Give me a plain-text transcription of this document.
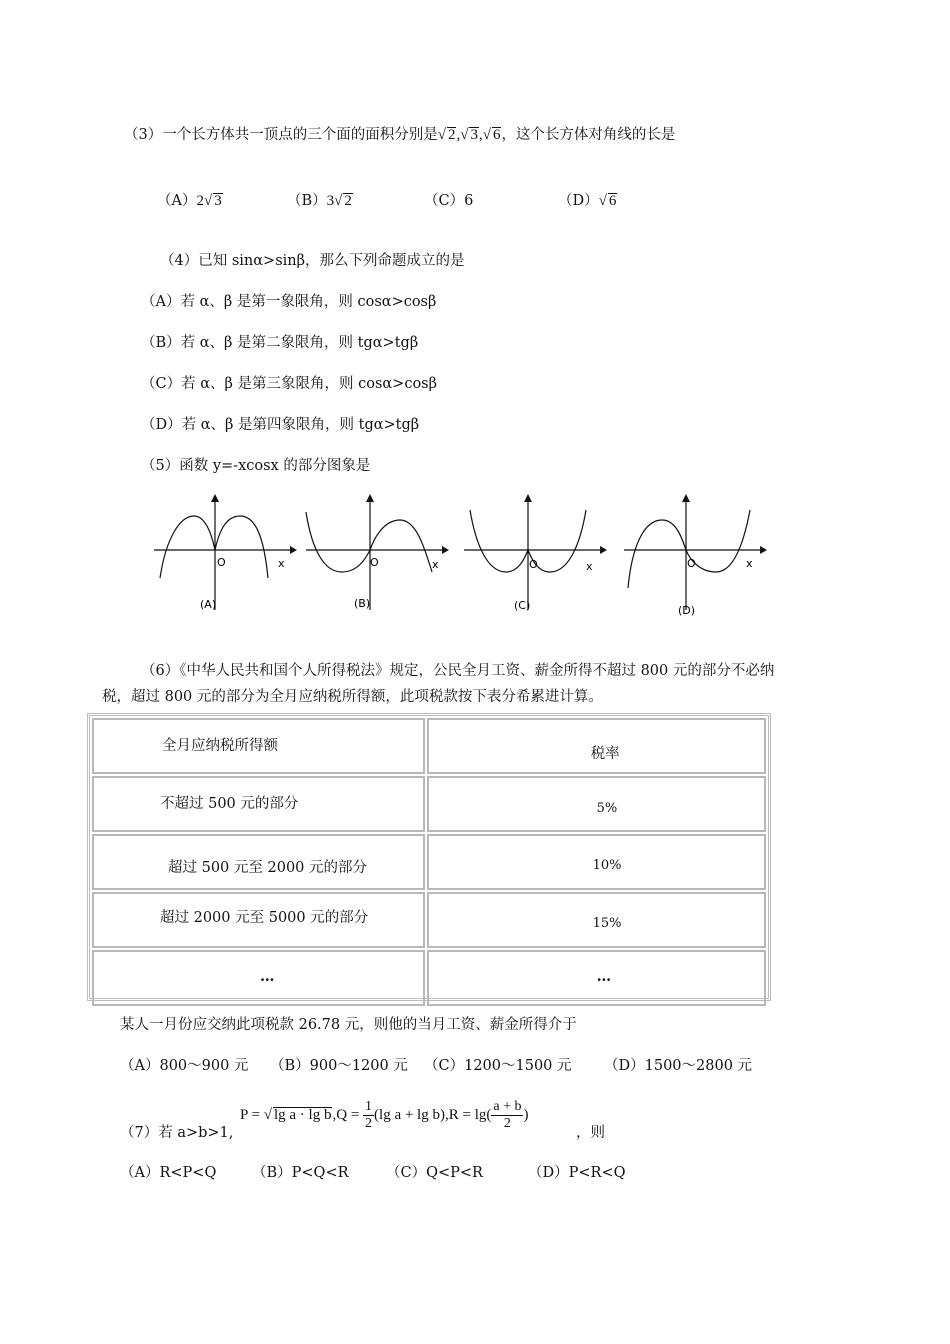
（3）一个长方体共一顶点的三个面的面积分别是√ 2,√ 3,√ 6，这个长方体对角线的长是
（A）2√ 3	（B）3√ 2	（C）6	（D）√ 6
（4）已知 sinα>sinβ，那么下列命题成立的是
（A）若 α、β 是第一象限角，则 cosα>cosβ
（B）若 α、β 是第二象限角，则 tgα>tgβ
（C）若 α、β 是第三象限角，则 cosα>cosβ
（D）若 α、β 是第四象限角，则 tgα>tgβ
（5）函数 y=-xcosx 的部分图象是
O	x
(A)
O	x
(B)
O	x
(C)
O	x
(D)
（6）《中华人民共和国个人所得税法》规定，公民全月工资、薪金所得不超过 800 元的部分不必纳
税，超过 800 元的部分为全月应纳税所得额，此项税款按下表分希累进计算。
全月应纳税所得额	税率

不超过 500 元的部分	5%

超过 500 元至 2000 元的部分	10%

超过 2000 元至 5000 元的部分	15%

…	…
某人一月份应交纳此项税款 26.78 元，则他的当月工资、薪金所得介于
（A）800～900 元 （B）900～1200 元 （C）1200～1500 元 （D）1500～2800 元
（7）若 a>b>1,
P = √ $\lg a \cdot \lg b,Q = \frac{1}{2} (\lg$ $a + \lg b),R = \lg( \frac{a + b}{2}$ )
，则
（A）R<P<Q （B）P<Q<R	（C）Q<P<R	（D）P<R<Q
